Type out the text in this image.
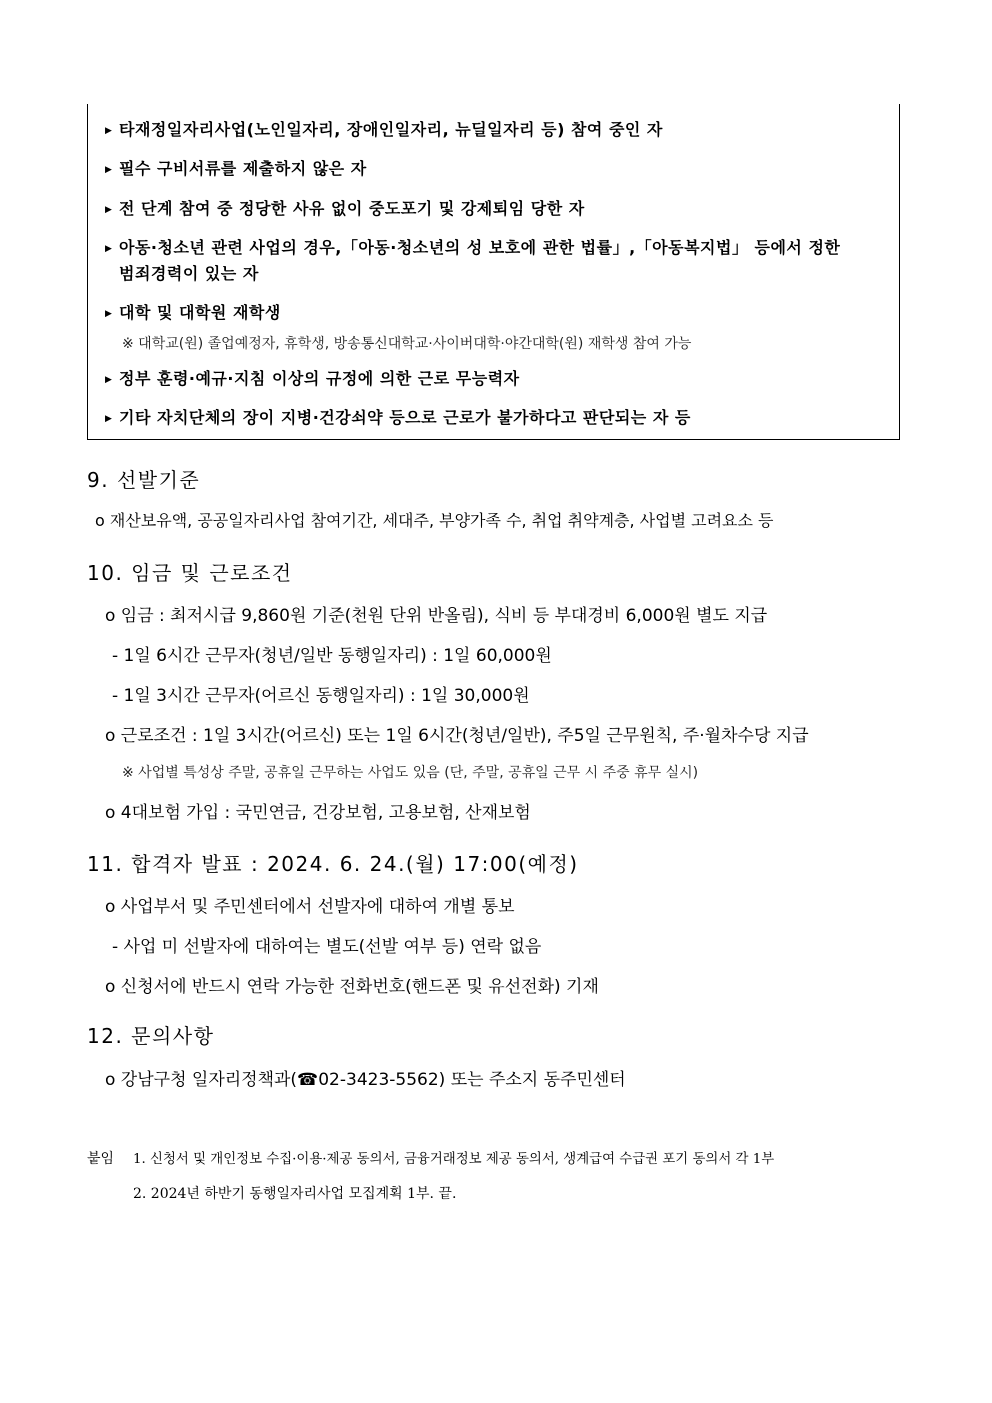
▶ 타재정일자리사업(노인일자리, 장애인일자리, 뉴딜일자리 등) 참여 중인 자
▶ 필수 구비서류를 제출하지 않은 자
▶ 전 단계 참여 중 정당한 사유 없이 중도포기 및 강제퇴임 당한 자
▶ 아동·청소년 관련 사업의 경우,「아동·청소년의 성 보호에 관한 법률」,「아동복지법」 등에서 정한
범죄경력이 있는 자
▶ 대학 및 대학원 재학생
※ 대학교(원) 졸업예정자, 휴학생, 방송통신대학교·사이버대학·야간대학(원) 재학생 참여 가능
▶ 정부 훈령·예규·지침 이상의 규정에 의한 근로 무능력자
▶ 기타 자치단체의 장이 지병·건강쇠약 등으로 근로가 불가하다고 판단되는 자 등
9. 선발기준
o 재산보유액, 공공일자리사업 참여기간, 세대주, 부양가족 수, 취업 취약계층, 사업별 고려요소 등
10. 임금 및 근로조건
o 임금 : 최저시급 9,860원 기준(천원 단위 반올림), 식비 등 부대경비 6,000원 별도 지급
- 1일 6시간 근무자(청년/일반 동행일자리) : 1일 60,000원
- 1일 3시간 근무자(어르신 동행일자리) : 1일 30,000원
o 근로조건 : 1일 3시간(어르신) 또는 1일 6시간(청년/일반), 주5일 근무원칙, 주·월차수당 지급
※ 사업별 특성상 주말, 공휴일 근무하는 사업도 있음 (단, 주말, 공휴일 근무 시 주중 휴무 실시)
o 4대보험 가입 : 국민연금, 건강보험, 고용보험, 산재보험
11. 합격자 발표 : 2024. 6. 24.(월) 17:00(예정)
o 사업부서 및 주민센터에서 선발자에 대하여 개별 통보
- 사업 미 선발자에 대하여는 별도(선발 여부 등) 연락 없음
o 신청서에 반드시 연락 가능한 전화번호(핸드폰 및 유선전화) 기재
12. 문의사항
o 강남구청 일자리정책과(☎02-3423-5562) 또는 주소지 동주민센터
붙임 1. 신청서 및 개인정보 수집·이용·제공 동의서, 금융거래정보 제공 동의서, 생계급여 수급권 포기 동의서 각 1부
2. 2024년 하반기 동행일자리사업 모집계획 1부. 끝.
